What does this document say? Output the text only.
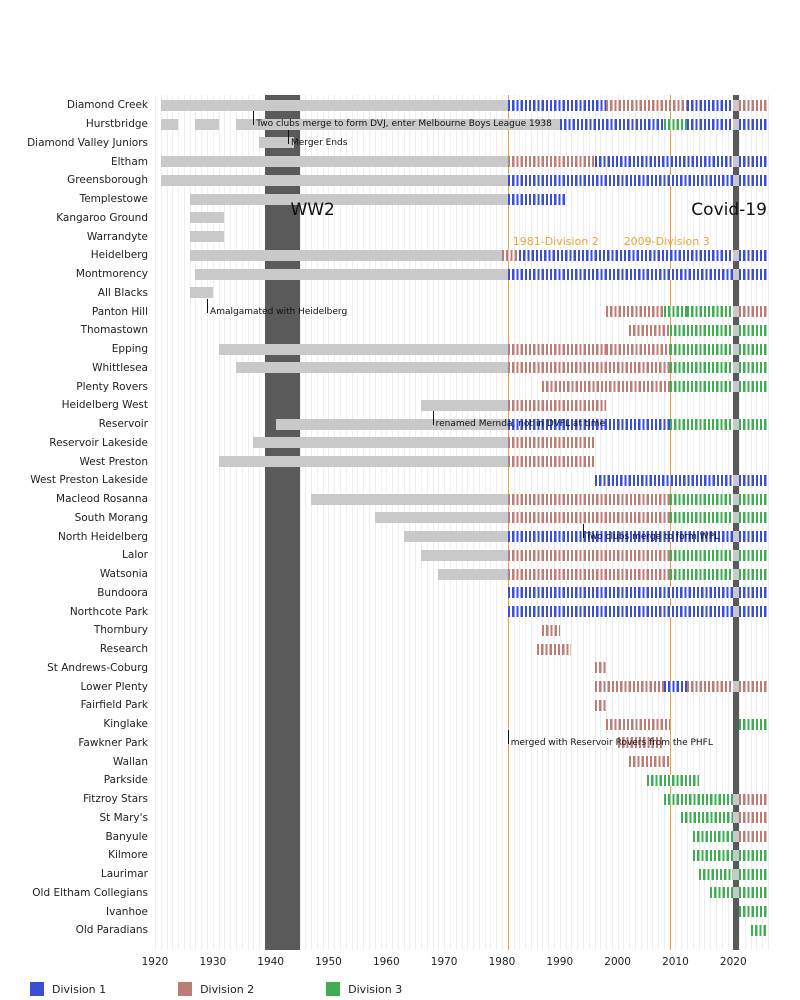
Diamond Creek
Hurstbridge
Diamond Valley Juniors
Eltham
Greensborough
Templestowe
Kangaroo Ground
Warrandyte
Heidelberg
Montmorency
All Blacks
Panton Hill
Thomastown
Epping
Whittlesea
Plenty Rovers
Heidelberg West
Reservoir
Reservoir Lakeside
West Preston
West Preston Lakeside
Macleod Rosanna
South Morang
North Heidelberg
Lalor
Watsonia
Bundoora
Northcote Park
Thornbury
Research
St Andrews-Coburg
Lower Plenty
Fairfield Park
Kinglake
Fawkner Park
Wallan
Parkside
Fitzroy Stars
St Mary's
Banyule
Kilmore
Laurimar
Old Eltham Collegians
Ivanhoe
Old Paradians
1920	1930	1940	1950	1960	1970	1980	1990	2000	2010	2020
Two clubs merge to form DVJ, enter Melbourne Boys League 1938
Merger Ends
Amalgamated with Heidelberg
renamed Mernda, not in DVFL at time
Two clubs merge to form WPL
merged with Reservoir Rovers from the PHFL
WW2	Covid-19
1981-Division 2 2009-Division 3
Division 1	Division 2	Division 3
